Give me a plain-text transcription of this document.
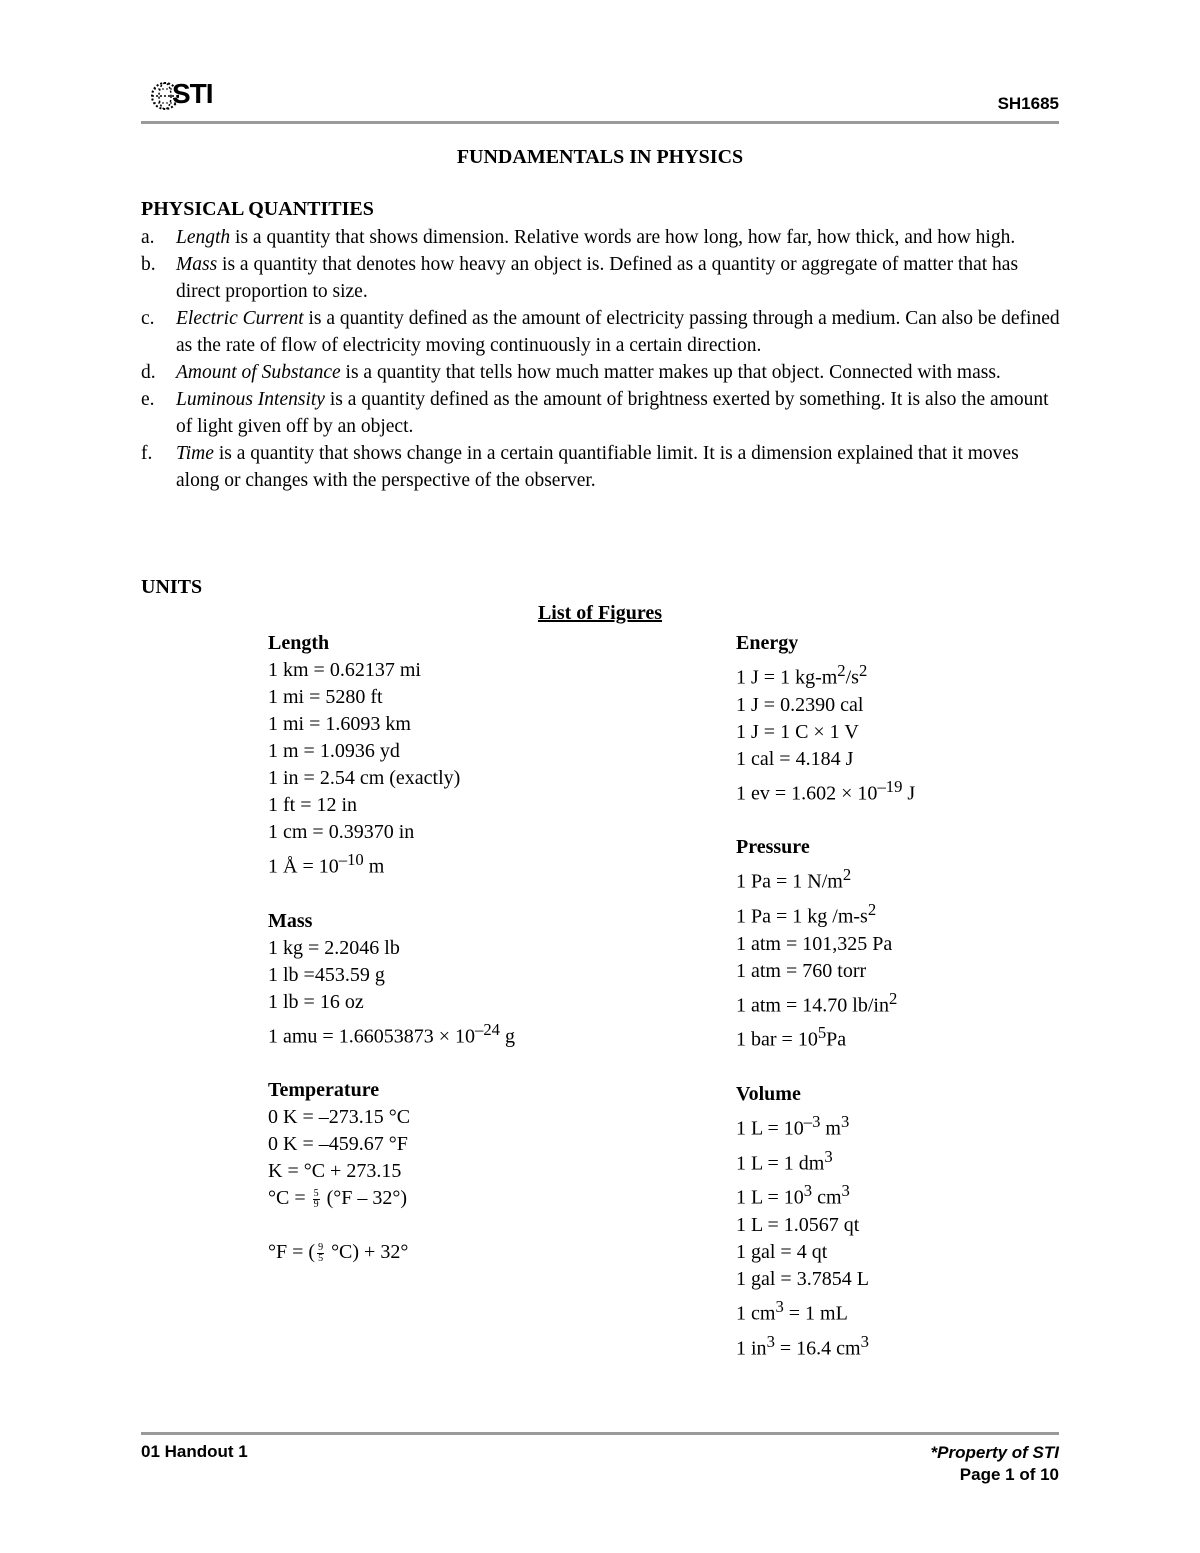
STI	SH1685
FUNDAMENTALS IN PHYSICS
PHYSICAL QUANTITIES
a. Length is a quantity that shows dimension. Relative words are how long, how far, how thick, and how high.
b. Mass is a quantity that denotes how heavy an object is. Defined as a quantity or aggregate of matter that has direct proportion to size.
c. Electric Current is a quantity defined as the amount of electricity passing through a medium. Can also be defined as the rate of flow of electricity moving continuously in a certain direction.
d. Amount of Substance is a quantity that tells how much matter makes up that object. Connected with mass.
e. Luminous Intensity is a quantity defined as the amount of brightness exerted by something. It is also the amount of light given off by an object.
f. Time is a quantity that shows change in a certain quantifiable limit. It is a dimension explained that it moves along or changes with the perspective of the observer.
UNITS
List of Figures
Length
1 km = 0.62137 mi
1 mi = 5280 ft
1 mi = 1.6093 km
1 m = 1.0936 yd
1 in = 2.54 cm (exactly)
1 ft = 12 in
1 cm = 0.39370 in
1 Å = $10^{-10}$ m
Mass
1 kg = 2.2046 lb
1 lb =453.59 g
1 lb = 16 oz
1 amu = $1.66053873 \times 10^{-24}$ g
Temperature
0 K = –273.15 °C
0 K = –459.67 °F
K = °C + 273.15
$^\circ C = \frac{5}{9} (^\circ F - 32^\circ)$
°F = ( $\frac{9}{5} ^\circ C) + 32^\circ$
Energy
1 J = 1 $kg-m^2/s^2$
1 J = 0.2390 cal
1 J = 1 C × 1 V
1 cal = 4.184 J
1 ev = $1.602 \times 10^{-19}$ J
Pressure
1 Pa = 1 $N/m^2$
1 Pa = 1 kg $/m-s^2$
1 atm = 101,325 Pa
1 atm = 760 torr
1 atm = 14.70 $lb/in^2$
1 bar = $10^5Pa$
Volume
1 $L = 10^{-3}$ $m^3$
1 L = 1 $dm^3$
1 $L = 10^3$ $cm^3$
1 L = 1.0567 qt
1 gal = 4 qt
1 gal = 3.7854 L
1 $cm^3 = 1$ mL
1 $in^3 = 16.4$ $cm^3$
01 Handout 1	*Property of STI
Page 1 of 10
